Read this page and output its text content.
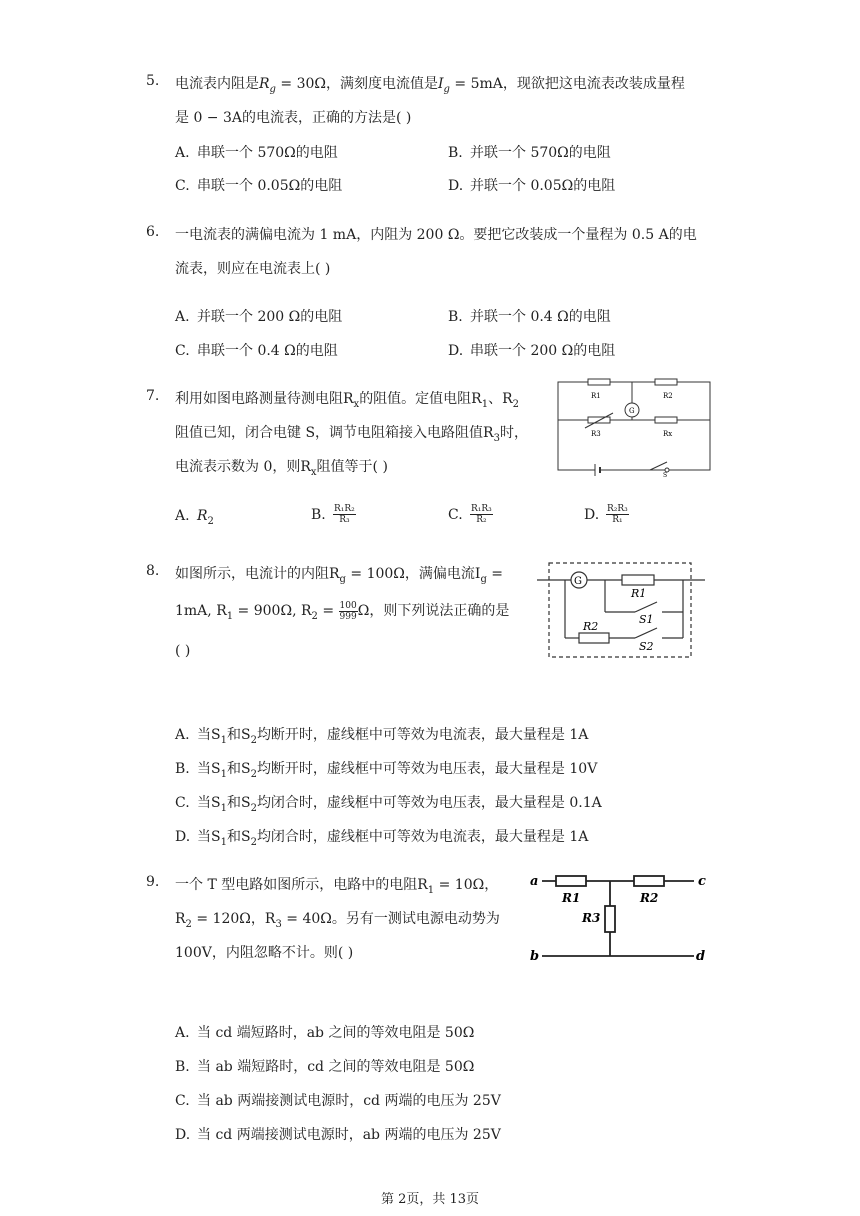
5. 电流表内阻是$R_g = 30\Omega$，满刻度电流值是$I_g = 5mA$，现欲把这电流表改装成量程
是 0 − 3A的电流表，正确的方法是( )
A. 串联一个 570Ω的电阻	B. 并联一个 570Ω的电阻
C. 串联一个 0.05Ω的电阻	D. 并联一个 0.05Ω的电阻
6. 一电流表的满偏电流为 1 mA，内阻为 200 Ω。要把它改装成一个量程为 0.5 A的电
流表，则应在电流表上( )
A. 并联一个 200 Ω的电阻	B. 并联一个 0.4 Ω的电阻
C. 串联一个 0.4 Ω的电阻	D. 串联一个 200 Ω的电阻
7. 利用如图电路测量待测电阻$R_x$的阻值。定值电阻$R_1$、$R_2$
阻值已知，闭合电键 S，调节电阻箱接入电路阻值$R_3$时，
电流表示数为 0，则$R_x$阻值等于( )
R1	R2
R3	Rx
G
S
A. $R_2$	B. $\frac{\text{R₁R₂}}{\text{R₃}}$	C. $\frac{\text{R₁R₃}}{\text{R₂}}$	D. $\frac{\text{R₂R₃}}{\text{R₁}}$
8. 如图所示，电流计的内阻$R_g = 100\Omega$，满偏电流$I_g$ =
1mA, $R_1 = 900\Omega$, $R_2 = \frac{100}{999}$ Ω，则下列说法正确的是
( )
G
R1
S1
R2
S2
A. 当$S_1$和$S_2$均断开时，虚线框中可等效为电流表，最大量程是 1A
B. 当$S_1$和$S_2$均断开时，虚线框中可等效为电压表，最大量程是 10V
C. 当$S_1$和$S_2$均闭合时，虚线框中可等效为电压表，最大量程是 0.1A
D. 当$S_1$和$S_2$均闭合时，虚线框中可等效为电流表，最大量程是 1A
9. 一个 T 型电路如图所示，电路中的电阻$R_1 = 10\Omega$，
$R_2 = 120\Omega$，$R_3 = 40\Omega$。另有一测试电源电动势为
100V，内阻忽略不计。则( )
a
R1	R2
c
R3
b	d
A. 当 cd 端短路时，ab 之间的等效电阻是 50Ω
B. 当 ab 端短路时，cd 之间的等效电阻是 50Ω
C. 当 ab 两端接测试电源时，cd 两端的电压为 25V
D. 当 cd 两端接测试电源时，ab 两端的电压为 25V
第 2页，共 13页
